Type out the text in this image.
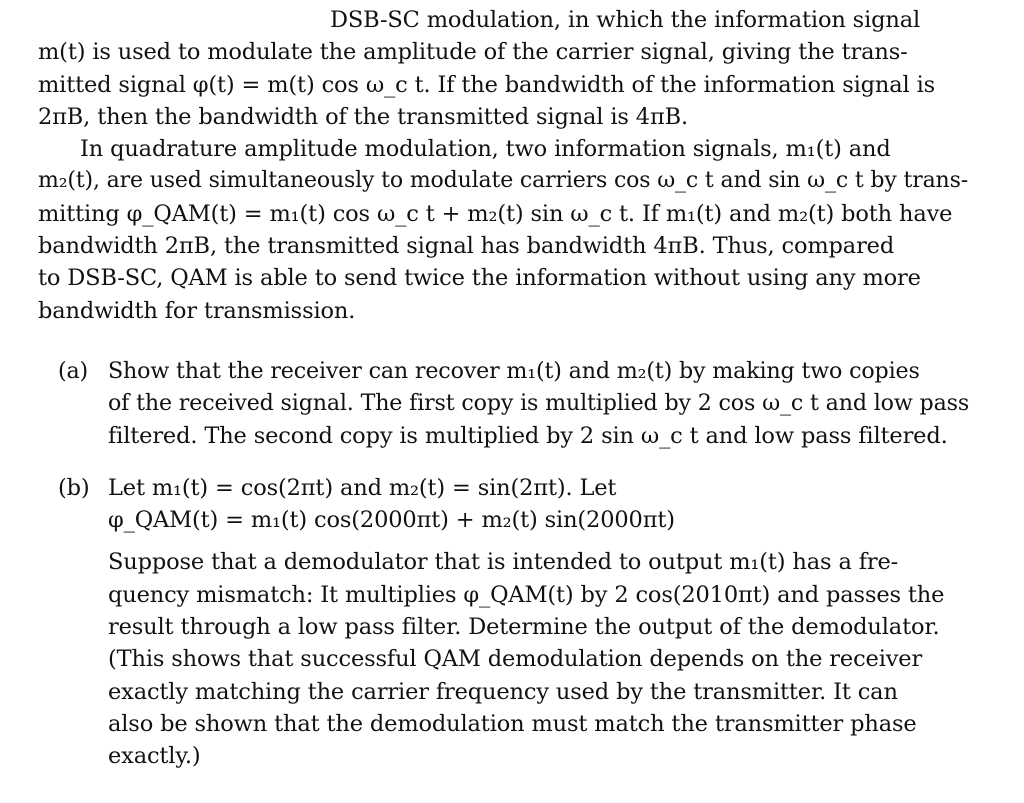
DSB-SC modulation, in which the information signal
m(t) is used to modulate the amplitude of the carrier signal, giving the trans-
mitted signal φ(t) = m(t) cos ω_c t. If the bandwidth of the information signal is
2πB, then the bandwidth of the transmitted signal is 4πB.
In quadrature amplitude modulation, two information signals, m₁(t) and
m₂(t), are used simultaneously to modulate carriers cos ω_c t and sin ω_c t by trans-
mitting φ_QAM(t) = m₁(t) cos ω_c t + m₂(t) sin ω_c t. If m₁(t) and m₂(t) both have
bandwidth 2πB, the transmitted signal has bandwidth 4πB. Thus, compared
to DSB-SC, QAM is able to send twice the information without using any more
bandwidth for transmission.
(a) Show that the receiver can recover m₁(t) and m₂(t) by making two copies
of the received signal. The first copy is multiplied by 2 cos ω_c t and low pass
filtered. The second copy is multiplied by 2 sin ω_c t and low pass filtered.
(b) Let m₁(t) = cos(2πt) and m₂(t) = sin(2πt). Let
φ_QAM(t) = m₁(t) cos(2000πt) + m₂(t) sin(2000πt)
Suppose that a demodulator that is intended to output m₁(t) has a fre-
quency mismatch: It multiplies φ_QAM(t) by 2 cos(2010πt) and passes the
result through a low pass filter. Determine the output of the demodulator.
(This shows that successful QAM demodulation depends on the receiver
exactly matching the carrier frequency used by the transmitter. It can
also be shown that the demodulation must match the transmitter phase
exactly.)
